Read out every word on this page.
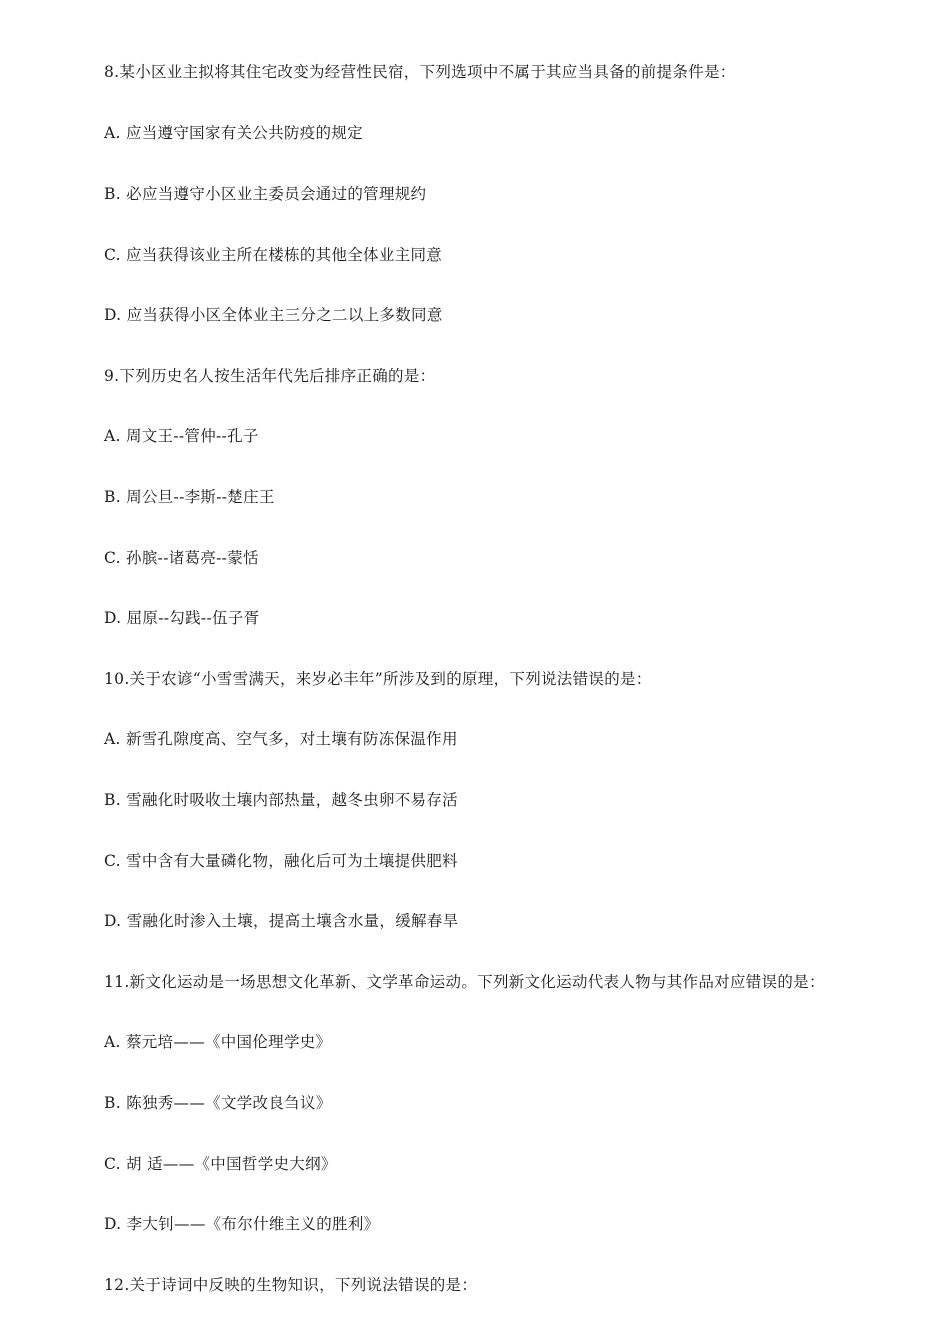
8.某小区业主拟将其住宅改变为经营性民宿，下列选项中不属于其应当具备的前提条件是：
A. 应当遵守国家有关公共防疫的规定
B. 必应当遵守小区业主委员会通过的管理规约
C. 应当获得该业主所在楼栋的其他全体业主同意
D. 应当获得小区全体业主三分之二以上多数同意
9.下列历史名人按生活年代先后排序正确的是：
A. 周文王--管仲--孔子
B. 周公旦--李斯--楚庄王
C. 孙膑--诸葛亮--蒙恬
D. 屈原--勾践--伍子胥
10.关于农谚“小雪雪满天，来岁必丰年”所涉及到的原理，下列说法错误的是：
A. 新雪孔隙度高、空气多，对土壤有防冻保温作用
B. 雪融化时吸收土壤内部热量，越冬虫卵不易存活
C. 雪中含有大量磷化物，融化后可为土壤提供肥料
D. 雪融化时渗入土壤，提高土壤含水量，缓解春旱
11.新文化运动是一场思想文化革新、文学革命运动。下列新文化运动代表人物与其作品对应错误的是：
A. 蔡元培——《中国伦理学史》
B. 陈独秀——《文学改良刍议》
C. 胡 适——《中国哲学史大纲》
D. 李大钊——《布尔什维主义的胜利》
12.关于诗词中反映的生物知识，下列说法错误的是：
